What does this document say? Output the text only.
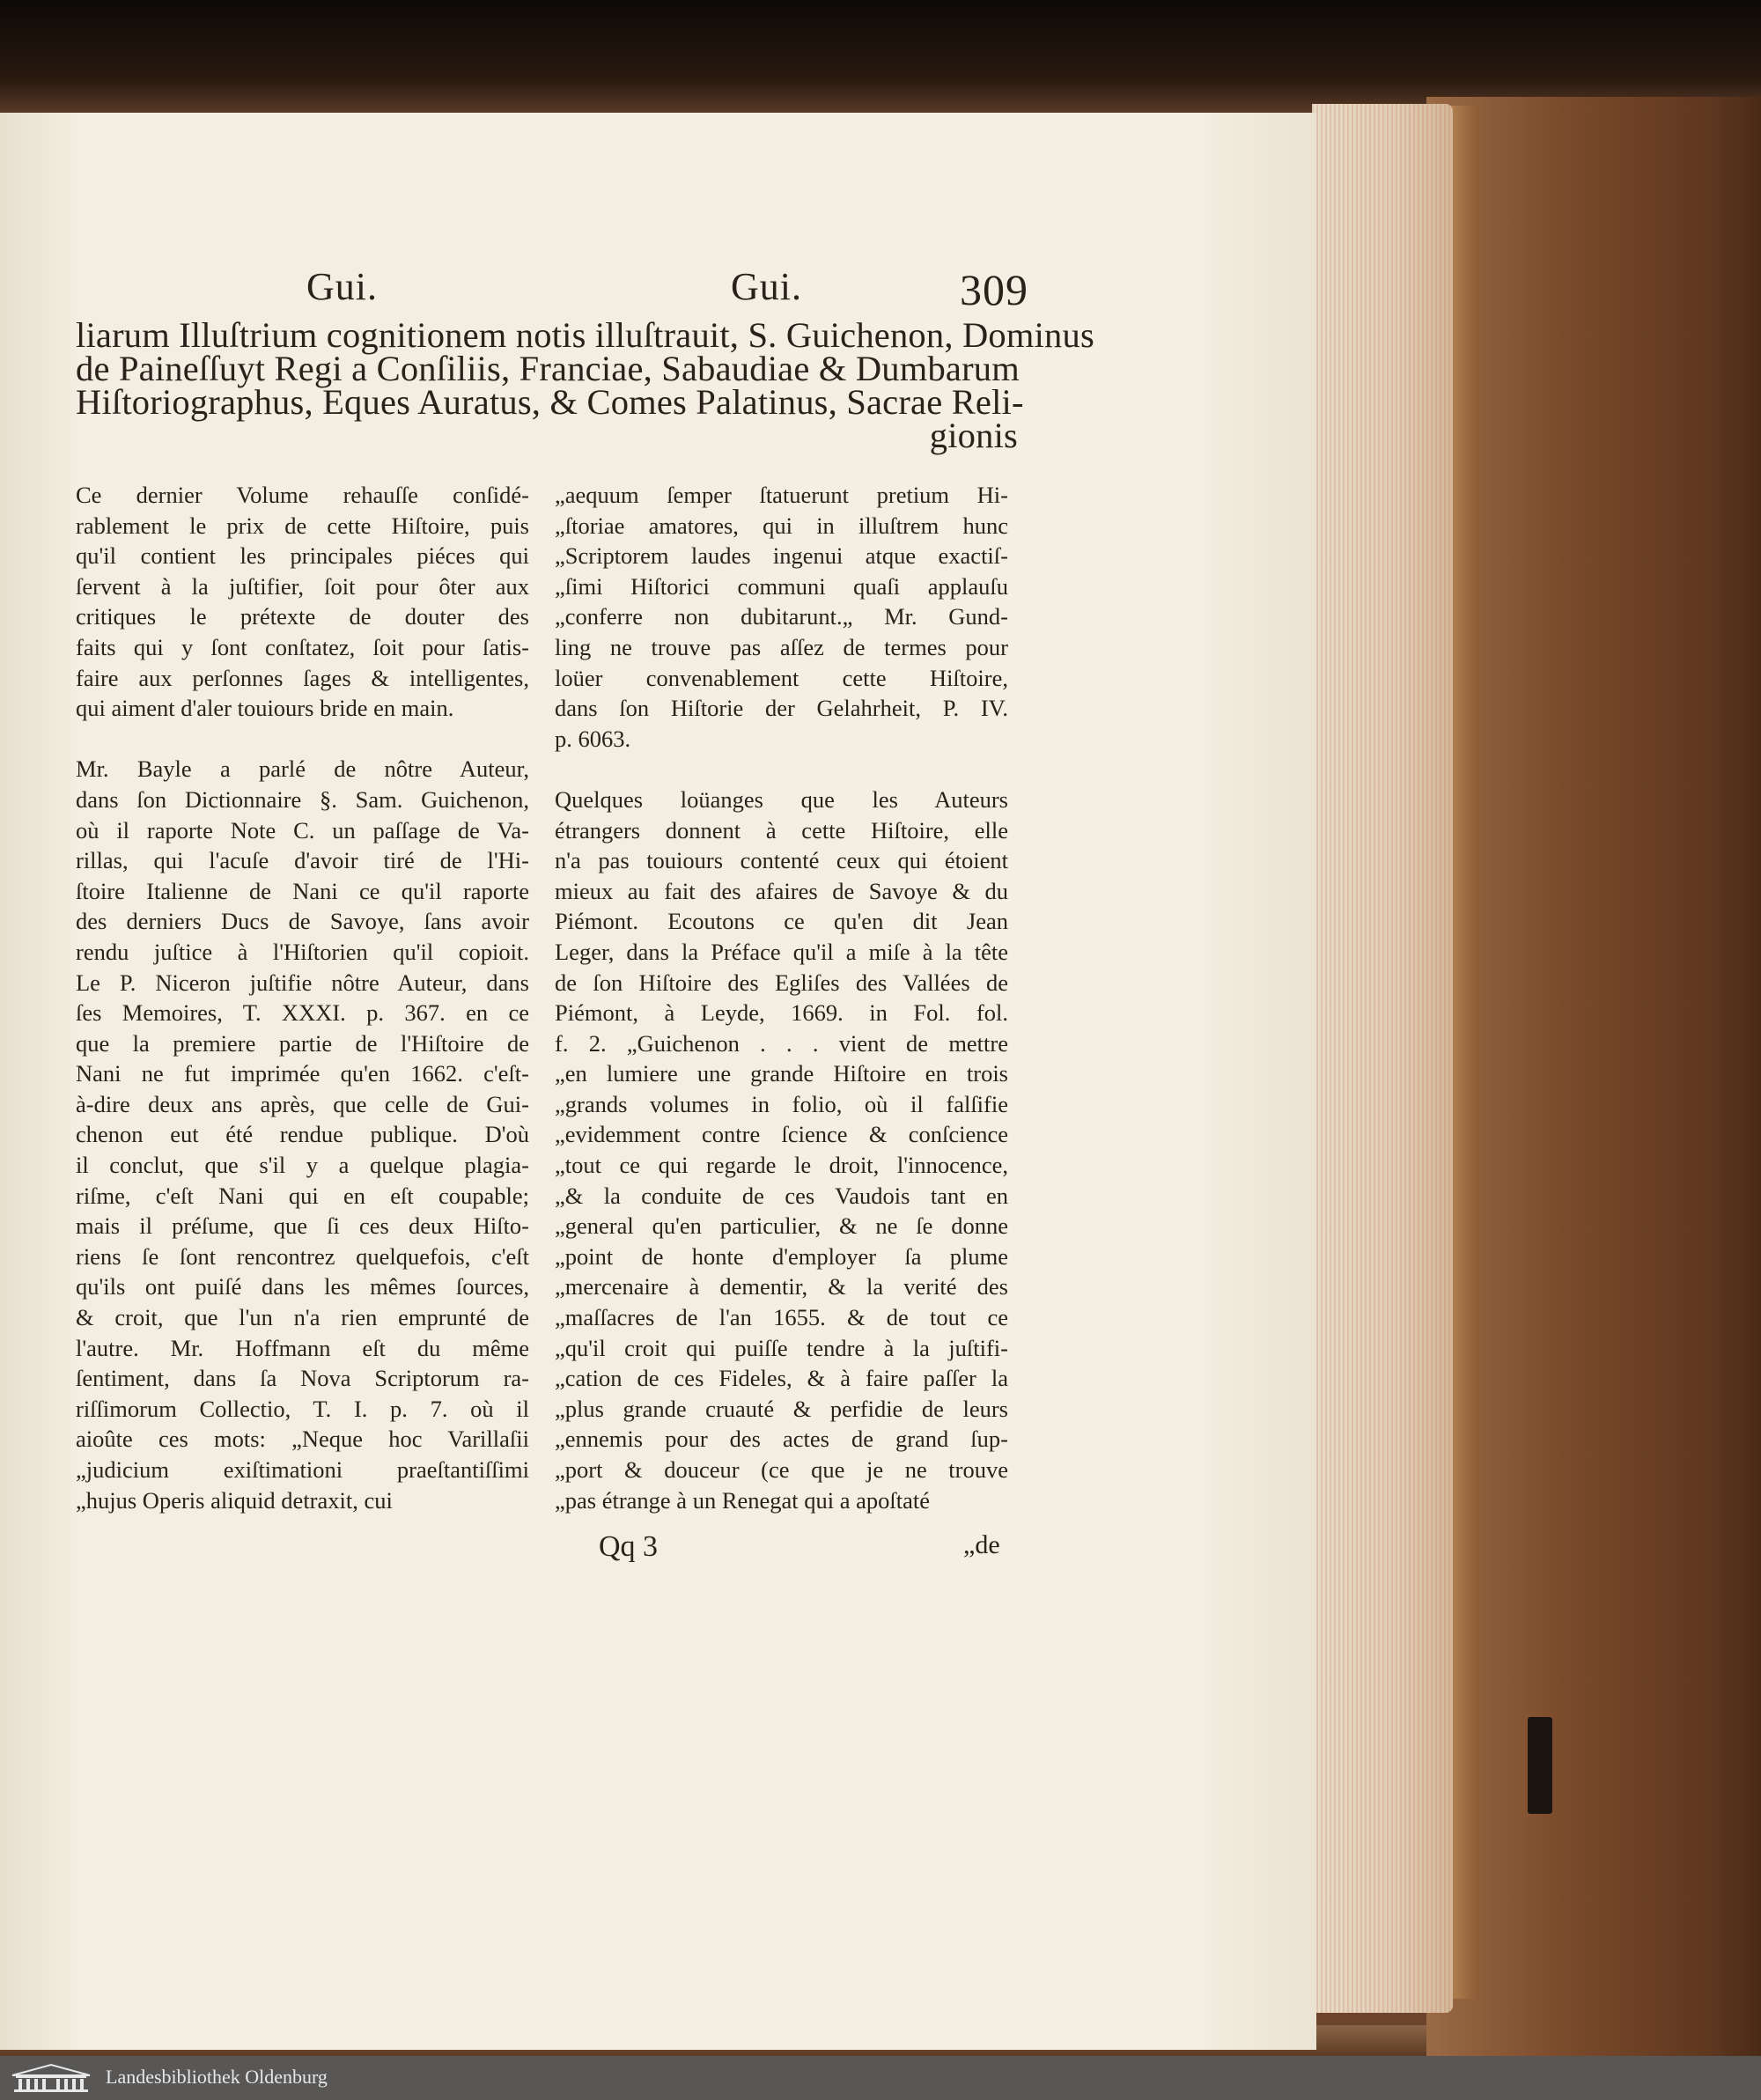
Gui.	Gui.	309
liarum Illuſtrium cognitionem notis illuſtrauit, S. Guichenon, Dominus
de Paineſſuyt Regi a Conſiliis, Franciae, Sabaudiae & Dumbarum
Hiſtoriographus, Eques Auratus, & Comes Palatinus, Sacrae Reli-
gionis
Ce dernier Volume rehauſſe conſidé-
rablement le prix de cette Hiſtoire, puis
qu'il contient les principales piéces qui
ſervent à la juſtifier, ſoit pour ôter aux
critiques le prétexte de douter des
faits qui y ſont conſtatez, ſoit pour ſatis-
faire aux perſonnes ſages & intelligentes,
qui aiment d'aler touiours bride en main.
Mr. Bayle a parlé de nôtre Auteur,
dans ſon Dictionnaire §. Sam. Guichenon,
où il raporte Note C. un paſſage de Va-
rillas, qui l'acuſe d'avoir tiré de l'Hi-
ſtoire Italienne de Nani ce qu'il raporte
des derniers Ducs de Savoye, ſans avoir
rendu juſtice à l'Hiſtorien qu'il copioit.
Le P. Niceron juſtifie nôtre Auteur, dans
ſes Memoires, T. XXXI. p. 367. en ce
que la premiere partie de l'Hiſtoire de
Nani ne fut imprimée qu'en 1662. c'eſt-
à-dire deux ans après, que celle de Gui-
chenon eut été rendue publique. D'où
il conclut, que s'il y a quelque plagia-
riſme, c'eſt Nani qui en eſt coupable;
mais il préſume, que ſi ces deux Hiſto-
riens ſe ſont rencontrez quelquefois, c'eſt
qu'ils ont puiſé dans les mêmes ſources,
& croit, que l'un n'a rien emprunté de
l'autre. Mr. Hoffmann eſt du même
ſentiment, dans ſa Nova Scriptorum ra-
riſſimorum Collectio, T. I. p. 7. où il
aioûte ces mots: „Neque hoc Varillaſii
„judicium exiſtimationi praeſtantiſſimi
„hujus Operis aliquid detraxit, cui
„aequum ſemper ſtatuerunt pretium Hi-
„ſtoriae amatores, qui in illuſtrem hunc
„Scriptorem laudes ingenui atque exactiſ-
„ſimi Hiſtorici communi quaſi applauſu
„conferre non dubitarunt.„ Mr. Gund-
ling ne trouve pas aſſez de termes pour
loüer convenablement cette Hiſtoire,
dans ſon Hiſtorie der Gelahrheit, P. IV.
p. 6063.
Quelques loüanges que les Auteurs
étrangers donnent à cette Hiſtoire, elle
n'a pas touiours contenté ceux qui étoient
mieux au fait des afaires de Savoye & du
Piémont. Ecoutons ce qu'en dit Jean
Leger, dans la Préface qu'il a miſe à la tête
de ſon Hiſtoire des Egliſes des Vallées de
Piémont, à Leyde, 1669. in Fol. fol.
f. 2. „Guichenon . . . vient de mettre
„en lumiere une grande Hiſtoire en trois
„grands volumes in folio, où il falſifie
„evidemment contre ſcience & conſcience
„tout ce qui regarde le droit, l'innocence,
„& la conduite de ces Vaudois tant en
„general qu'en particulier, & ne ſe donne
„point de honte d'employer ſa plume
„mercenaire à dementir, & la verité des
„maſſacres de l'an 1655. & de tout ce
„qu'il croit qui puiſſe tendre à la juſtifi-
„cation de ces Fideles, & à faire paſſer la
„plus grande cruauté & perfidie de leurs
„ennemis pour des actes de grand ſup-
„port & douceur (ce que je ne trouve
„pas étrange à un Renegat qui a apoſtaté
Qq 3	„de
Landesbibliothek Oldenburg
